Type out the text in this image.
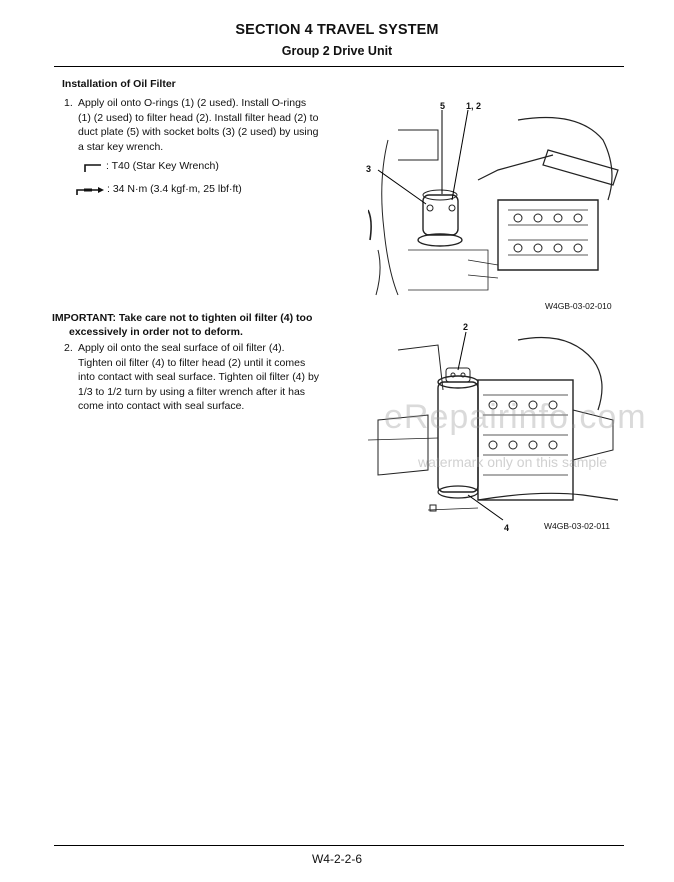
SECTION 4 TRAVEL SYSTEM
Group 2 Drive Unit
Installation of Oil Filter
1. Apply oil onto O-rings (1) (2 used). Install O-rings
(1) (2 used) to filter head (2). Install filter head (2) to
duct plate (5) with socket bolts (3) (2 used) by using
a star key wrench.
: T40 (Star Key Wrench)
: 34 N·m (3.4 kgf·m, 25 lbf·ft)
IMPORTANT: Take care not to tighten oil filter (4) too
excessively in order not to deform.
2. Apply oil onto the seal surface of oil filter (4).
Tighten oil filter (4) to filter head (2) until it comes
into contact with seal surface. Tighten oil filter (4) by
1/3 to 1/2 turn by using a filter wrench after it has
come into contact with seal surface.
5 1, 2
3
W4GB-03-02-010
2
4	W4GB-03-02-011
eRepairinfo.com
watermark only on this sample
W4-2-2-6
